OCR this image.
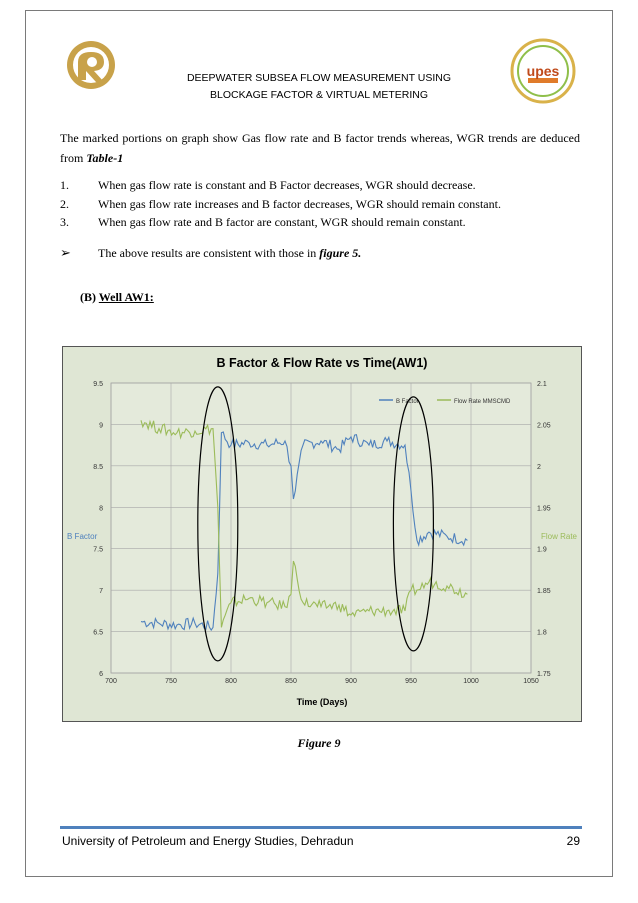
upes
DEEPWATER SUBSEA FLOW MEASUREMENT USING
BLOCKAGE FACTOR & VIRTUAL METERING
The marked portions on graph show Gas flow rate and B factor trends whereas, WGR trends are deduced from Table-1
1.	When gas flow rate is constant and B Factor decreases, WGR should decrease.
2.	When gas flow rate increases and B factor decreases, WGR should remain constant.
3.	When gas flow rate and B factor are constant, WGR should remain constant.
➢	The above results are consistent with those in figure 5.
(B) Well AW1:
6
6.5
7
7.5
8
8.5
9
9.5
1.75
1.8
1.85
1.9
1.95
2
2.05
2.1
700	750	800	850	900	950	1000	1050
B Factor & Flow Rate vs Time(AW1)
Time (Days)
B Factor	Flow Rate
B Factor	Flow Rate MMSCMD
Figure 9
University of Petroleum and Energy Studies, Dehradun	29
